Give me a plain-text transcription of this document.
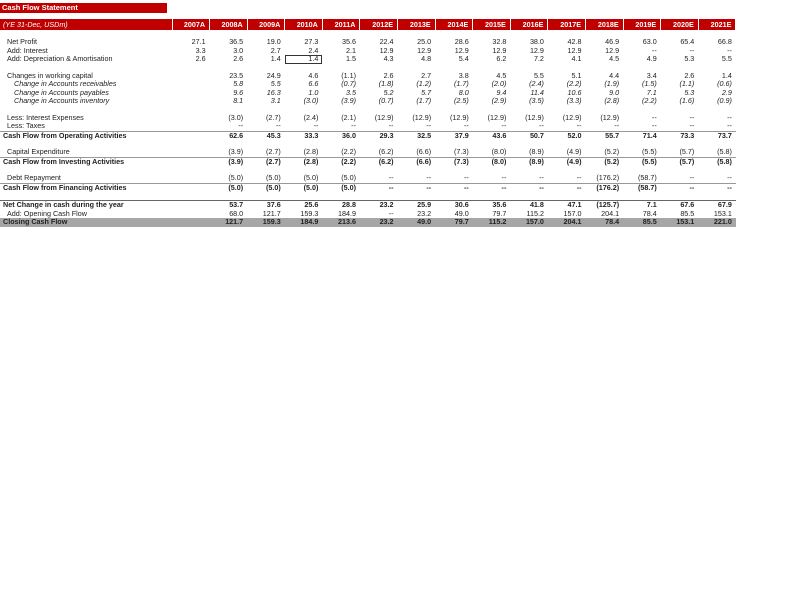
Cash Flow Statement
(YE 31-Dec, USDm)	2007A	2008A	2009A	2010A	2011A	2012E	2013E	2014E	2015E	2016E	2017E	2018E	2019E	2020E	2021E

Net Profit	27.1	36.5	19.0	27.3	35.6	22.4	25.0	28.6	32.8	38.0	42.8	46.9	63.0	65.4	66.8
Add: Interest	3.3	3.0	2.7	2.4	2.1	12.9	12.9	12.9	12.9	12.9	12.9	12.9	--	--	--
Add: Depreciation & Amortisation	2.6	2.6	1.4	1.4	1.5	4.3	4.8	5.4	6.2	7.2	4.1	4.5	4.9	5.3	5.5

Changes in working capital		23.5	24.9	4.6	(1.1)	2.6	2.7	3.8	4.5	5.5	5.1	4.4	3.4	2.6	1.4
Change in Accounts receivables		5.8	5.5	6.6	(0.7)	(1.8)	(1.2)	(1.7)	(2.0)	(2.4)	(2.2)	(1.9)	(1.5)	(1.1)	(0.6)
Change in Accounts payables		9.6	16.3	1.0	3.5	5.2	5.7	8.0	9.4	11.4	10.6	9.0	7.1	5.3	2.9
Change in Accounts inventory		8.1	3.1	(3.0)	(3.9)	(0.7)	(1.7)	(2.5)	(2.9)	(3.5)	(3.3)	(2.8)	(2.2)	(1.6)	(0.9)

Less: Interest Expenses		(3.0)	(2.7)	(2.4)	(2.1)	(12.9)	(12.9)	(12.9)	(12.9)	(12.9)	(12.9)	(12.9)	--	--	--
Less: Taxes		--	--	--	--	--	--	--	--	--	--	--	--	--	--
Cash Flow from Operating Activities		62.6	45.3	33.3	36.0	29.3	32.5	37.9	43.6	50.7	52.0	55.7	71.4	73.3	73.7

Capital Expenditure		(3.9)	(2.7)	(2.8)	(2.2)	(6.2)	(6.6)	(7.3)	(8.0)	(8.9)	(4.9)	(5.2)	(5.5)	(5.7)	(5.8)
Cash Flow from Investing Activities		(3.9)	(2.7)	(2.8)	(2.2)	(6.2)	(6.6)	(7.3)	(8.0)	(8.9)	(4.9)	(5.2)	(5.5)	(5.7)	(5.8)

Debt Repayment		(5.0)	(5.0)	(5.0)	(5.0)	--	--	--	--	--	--	(176.2)	(58.7)	--	--
Cash Flow from Financing Activities		(5.0)	(5.0)	(5.0)	(5.0)	--	--	--	--	--	--	(176.2)	(58.7)	--	--

Net Change in cash during the year		53.7	37.6	25.6	28.8	23.2	25.9	30.6	35.6	41.8	47.1	(125.7)	7.1	67.6	67.9
Add: Opening Cash Flow		68.0	121.7	159.3	184.9	--	23.2	49.0	79.7	115.2	157.0	204.1	78.4	85.5	153.1
Closing Cash Flow		121.7	159.3	184.9	213.6	23.2	49.0	79.7	115.2	157.0	204.1	78.4	85.5	153.1	221.0
